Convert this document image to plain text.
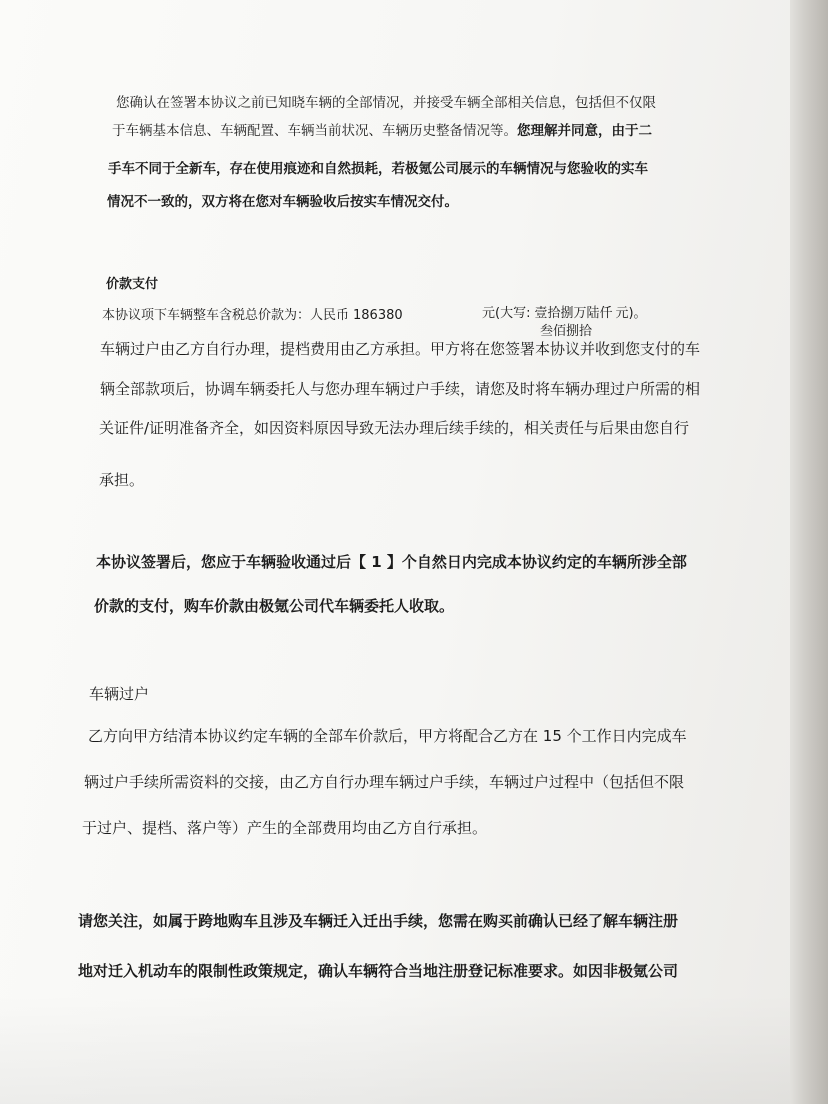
您确认在签署本协议之前已知晓车辆的全部情况，并接受车辆全部相关信息，包括但不仅限
于车辆基本信息、车辆配置、车辆当前状况、车辆历史整备情况等。您理解并同意，由于二
手车不同于全新车，存在使用痕迹和自然损耗，若极氪公司展示的车辆情况与您验收的实车
情况不一致的，双方将在您对车辆验收后按实车情况交付。
价款支付
本协议项下车辆整车含税总价款为：人民币 186380	元(大写: 壹拾捌万陆仟 元)。
叁佰捌拾
车辆过户由乙方自行办理，提档费用由乙方承担。甲方将在您签署本协议并收到您支付的车
辆全部款项后，协调车辆委托人与您办理车辆过户手续，请您及时将车辆办理过户所需的相
关证件/证明准备齐全，如因资料原因导致无法办理后续手续的，相关责任与后果由您自行
承担。
本协议签署后，您应于车辆验收通过后【 1 】个自然日内完成本协议约定的车辆所涉全部
价款的支付，购车价款由极氪公司代车辆委托人收取。
车辆过户
乙方向甲方结清本协议约定车辆的全部车价款后，甲方将配合乙方在 15 个工作日内完成车
辆过户手续所需资料的交接，由乙方自行办理车辆过户手续，车辆过户过程中（包括但不限
于过户、提档、落户等）产生的全部费用均由乙方自行承担。
请您关注，如属于跨地购车且涉及车辆迁入迁出手续，您需在购买前确认已经了解车辆注册
地对迁入机动车的限制性政策规定，确认车辆符合当地注册登记标准要求。如因非极氪公司
